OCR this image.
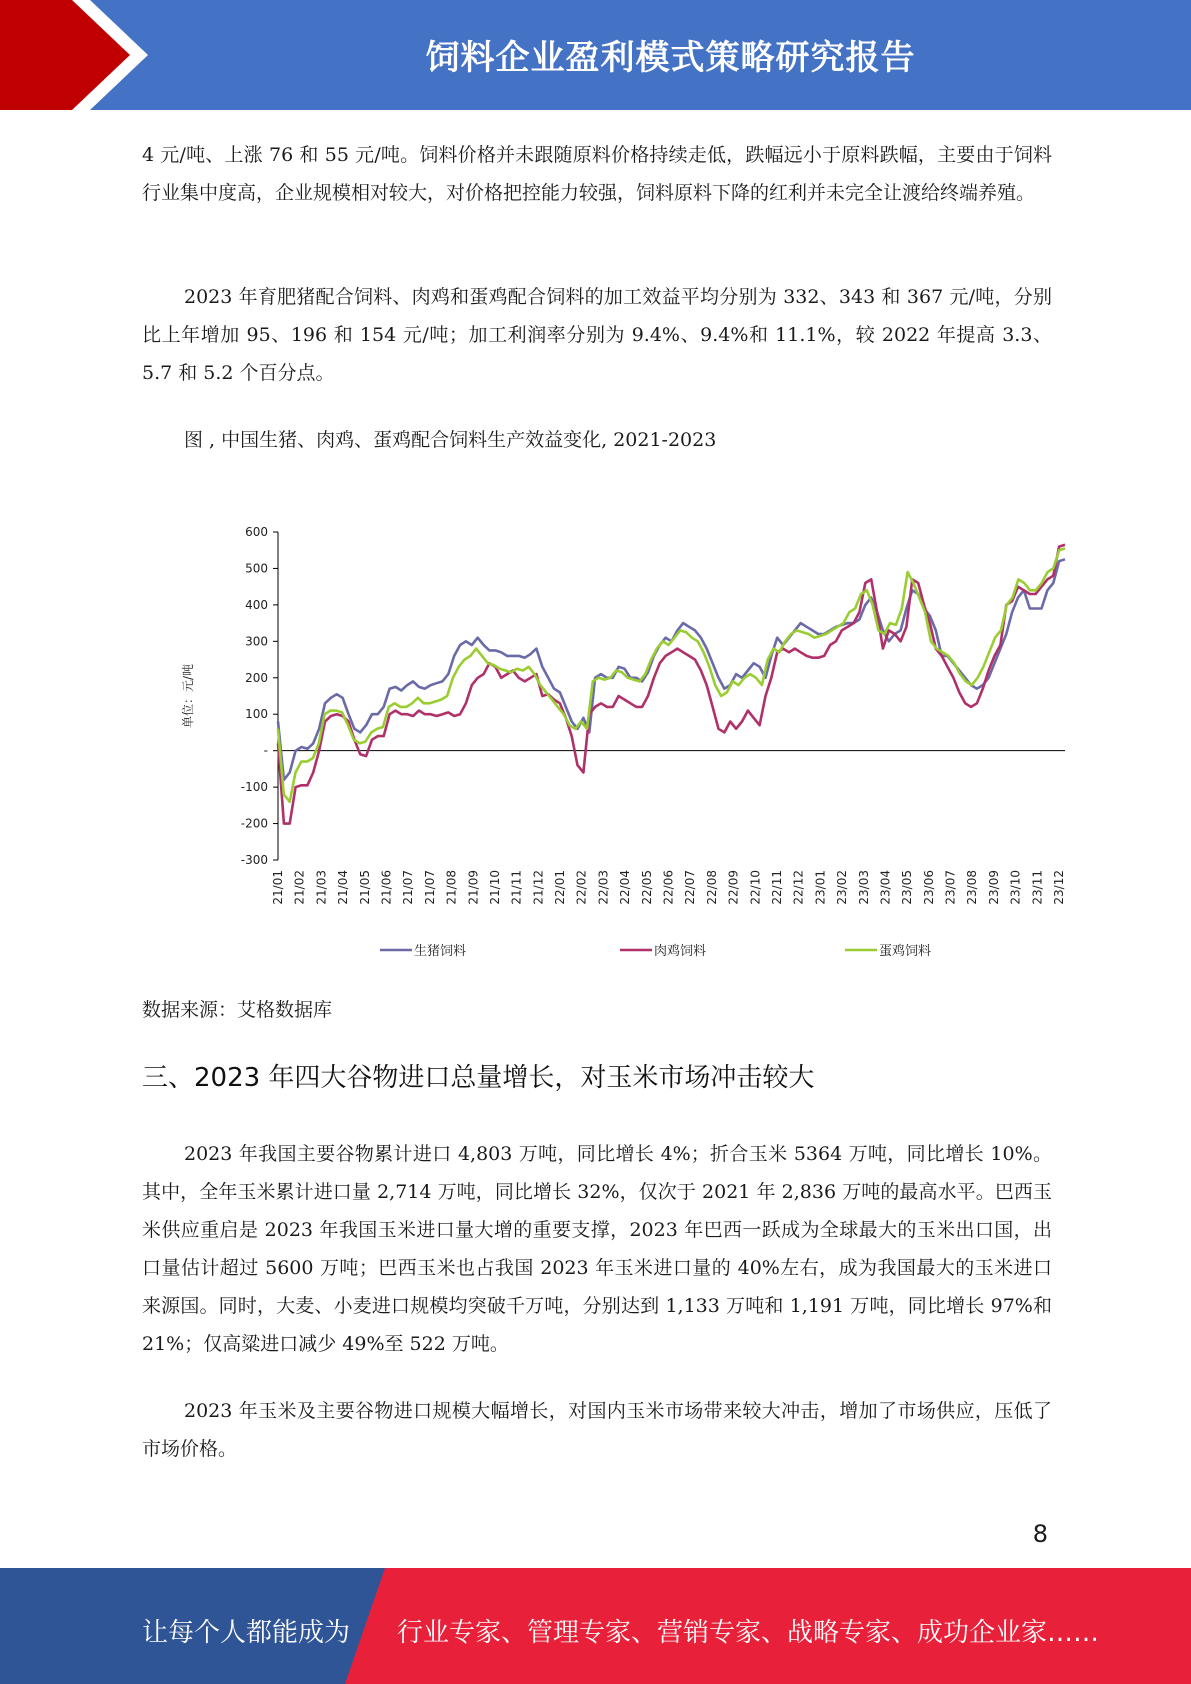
饲料企业盈利模式策略研究报告

4 元/吨、上涨 76 和 55 元/吨。饲料价格并未跟随原料价格持续走低，跌幅远小于原料跌幅，主要由于饲料行业集中度高，企业规模相对较大，对价格把控能力较强，饲料原料下降的红利并未完全让渡给终端养殖。

2023 年育肥猪配合饲料、肉鸡和蛋鸡配合饲料的加工效益平均分别为 332、343 和 367 元/吨，分别比上年增加 95、196 和 154 元/吨；加工利润率分别为 9.4%、9.4%和 11.1%，较 2022 年提高 3.3、5.7 和 5.2 个百分点。

图 , 中国生猪、肉鸡、蛋鸡配合饲料生产效益变化, 2021-2023
600
500
400
300
200
100
-
-100
-200
-300
单位：元/吨
21/01 21/02 21/03 21/04 21/05 21/06 21/07 21/07 21/08 21/09 21/10 21/11 21/12 22/01 22/02 22/03 22/04 22/05 22/06 22/07 22/08 22/09 22/10 22/11 22/12 23/01 23/02 23/03 23/04 23/05 23/06 23/07 23/08 23/09 23/10 23/11 23/12
生猪饲料	肉鸡饲料	蛋鸡饲料
数据来源：艾格数据库
三、2023 年四大谷物进口总量增长，对玉米市场冲击较大

2023 年我国主要谷物累计进口 4,803 万吨，同比增长 4%；折合玉米 5364 万吨，同比增长 10%。其中，全年玉米累计进口量 2,714 万吨，同比增长 32%，仅次于 2021 年 2,836 万吨的最高水平。巴西玉米供应重启是 2023 年我国玉米进口量大增的重要支撑，2023 年巴西一跃成为全球最大的玉米出口国，出口量估计超过 5600 万吨；巴西玉米也占我国 2023 年玉米进口量的 40%左右，成为我国最大的玉米进口来源国。同时，大麦、小麦进口规模均突破千万吨，分别达到 1,133 万吨和 1,191 万吨，同比增长 97%和 21%；仅高粱进口减少 49%至 522 万吨。

2023 年玉米及主要谷物进口规模大幅增长，对国内玉米市场带来较大冲击，增加了市场供应，压低了市场价格。

8
让每个人都能成为 行业专家、管理专家、营销专家、战略专家、成功企业家……
